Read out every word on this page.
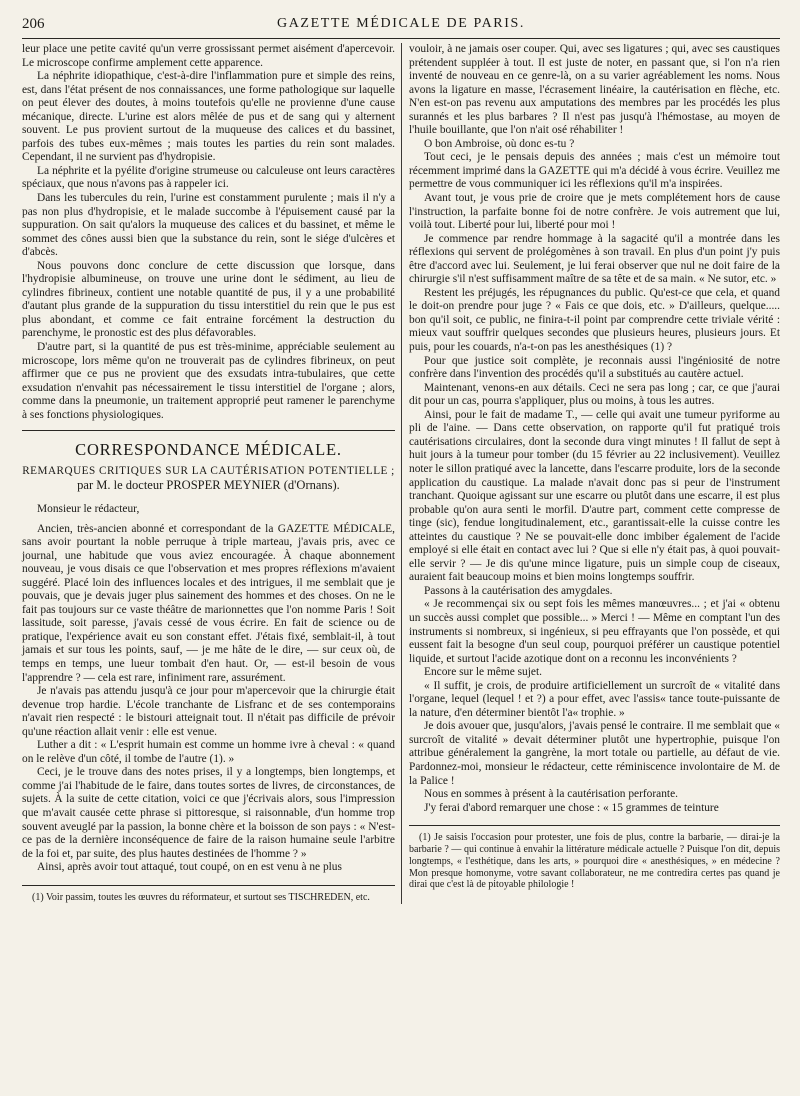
206	GAZETTE MÉDICALE DE PARIS.

leur place une petite cavité qu'un verre grossissant permet aisément d'apercevoir. Le microscope confirme amplement cette apparence.

La néphrite idiopathique, c'est-à-dire l'inflammation pure et simple des reins, est, dans l'état présent de nos connaissances, une forme pathologique sur laquelle on peut élever des doutes, à moins toutefois qu'elle ne provienne d'une cause mécanique, directe. L'urine est alors mêlée de pus et de sang qui y alternent souvent. Le pus provient surtout de la muqueuse des calices et du bassinet, parfois des tubes eux-mêmes ; mais toutes les parties du rein sont malades. Cependant, il ne survient pas d'hydropisie.

La néphrite et la pyélite d'origine strumeuse ou calculeuse ont leurs caractères spéciaux, que nous n'avons pas à rappeler ici.

Dans les tubercules du rein, l'urine est constamment purulente ; mais il n'y a pas non plus d'hydropisie, et le malade succombe à l'épuisement causé par la suppuration. On sait qu'alors la muqueuse des calices et du bassinet, et même le sommet des cônes aussi bien que la substance du rein, sont le siége d'ulcères et d'abcès.

Nous pouvons donc conclure de cette discussion que lorsque, dans l'hydropisie albumineuse, on trouve une urine dont le sédiment, au lieu de cylindres fibrineux, contient une notable quantité de pus, il y a une probabilité d'autant plus grande de la suppuration du tissu interstitiel du rein que le pus est plus abondant, et comme ce fait entraine forcément la destruction du parenchyme, le pronostic est des plus défavorables.

D'autre part, si la quantité de pus est très-minime, appréciable seulement au microscope, lors même qu'on ne trouverait pas de cylindres fibrineux, on peut affirmer que ce pus ne provient que des exsudats intra-tubulaires, que cette exsudation n'envahit pas nécessairement le tissu interstitiel de l'organe ; alors, comme dans la pneumonie, un traitement approprié peut ramener le parenchyme à ses fonctions physiologiques.

CORRESPONDANCE MÉDICALE.
REMARQUES CRITIQUES SUR LA CAUTÉRISATION POTENTIELLE ;
par M. le docteur PROSPER MEYNIER (d'Ornans).

Monsieur le rédacteur,

Ancien, très-ancien abonné et correspondant de la GAZETTE MÉDICALE, sans avoir pourtant la noble perruque à triple marteau, j'avais pris, avec ce journal, une habitude que vous aviez encouragée. À chaque abonnement nouveau, je vous disais ce que l'observation et mes propres réflexions m'avaient suggéré. Placé loin des influences locales et des intrigues, il me semblait que je pouvais, que je devais juger plus sainement des hommes et des choses. On ne le fait pas toujours sur ce vaste théâtre de marionnettes que l'on nomme Paris ! Soit lassitude, soit paresse, j'avais cessé de vous écrire. En fait de science ou de pratique, l'expérience avait eu son constant effet. J'étais fixé, semblait-il, à tout jamais et sur tous les points, sauf, — je me hâte de le dire, — sur ceux où, de temps en temps, une lueur tombait d'en haut. Or, — est-il besoin de vous l'apprendre ? — cela est rare, infiniment rare, assurément.

Je n'avais pas attendu jusqu'à ce jour pour m'apercevoir que la chirurgie était devenue trop hardie. L'école tranchante de Lisfranc et de ses contemporains n'avait rien respecté : le bistouri atteignait tout. Il n'était pas difficile de prévoir qu'une réaction allait venir : elle est venue.

Luther a dit : « L'esprit humain est comme un homme ivre à cheval : « quand on le relève d'un côté, il tombe de l'autre (1). »

Ceci, je le trouve dans des notes prises, il y a longtemps, bien longtemps, et comme j'ai l'habitude de le faire, dans toutes sortes de livres, de circonstances, de sujets. À la suite de cette citation, voici ce que j'écrivais alors, sous l'impression que m'avait causée cette phrase si pittoresque, si raisonnable, d'un homme trop souvent aveuglé par la passion, la bonne chère et la boisson de son pays : « N'est-ce pas de la dernière inconséquence de faire de la raison humaine seule l'arbitre de la foi et, par suite, des plus hautes destinées de l'homme ? »

Ainsi, après avoir tout attaqué, tout coupé, on en est venu à ne plus

(1) Voir passim, toutes les œuvres du réformateur, et surtout ses TISCHREDEN, etc.

vouloir, à ne jamais oser couper. Qui, avec ses ligatures ; qui, avec ses caustiques prétendent suppléer à tout. Il est juste de noter, en passant que, si l'on n'a rien inventé de nouveau en ce genre-là, on a su varier agréablement les noms. Nous avons la ligature en masse, l'écrasement linéaire, la cautérisation en flèche, etc. N'en est-on pas revenu aux amputations des membres par les procédés les plus surannés et les plus barbares ? Il n'est pas jusqu'à l'hémostase, au moyen de l'huile bouillante, que l'on n'ait osé réhabiliter !

O bon Ambroise, où donc es-tu ?

Tout ceci, je le pensais depuis des années ; mais c'est un mémoire tout récemment imprimé dans la GAZETTE qui m'a décidé à vous écrire. Veuillez me permettre de vous communiquer ici les réflexions qu'il m'a inspirées.

Avant tout, je vous prie de croire que je mets complétement hors de cause l'instruction, la parfaite bonne foi de notre confrère. Je vois autrement que lui, voilà tout. Liberté pour lui, liberté pour moi !

Je commence par rendre hommage à la sagacité qu'il a montrée dans les réflexions qui servent de prolégomènes à son travail. En plus d'un point j'y puis être d'accord avec lui. Seulement, je lui ferai observer que nul ne doit faire de la chirurgie s'il n'est suffisamment maître de sa tête et de sa main. « Ne sutor, etc. »

Restent les préjugés, les répugnances du public. Qu'est-ce que cela, et quand le doit-on prendre pour juge ? « Fais ce que dois, etc. » D'ailleurs, quelque..... bon qu'il soit, ce public, ne finira-t-il point par comprendre cette triviale vérité : mieux vaut souffrir quelques secondes que plusieurs heures, plusieurs jours. Et puis, pour les couards, n'a-t-on pas les anesthésiques (1) ?

Pour que justice soit complète, je reconnais aussi l'ingéniosité de notre confrère dans l'invention des procédés qu'il a substitués au cautère actuel.

Maintenant, venons-en aux détails. Ceci ne sera pas long ; car, ce que j'aurai dit pour un cas, pourra s'appliquer, plus ou moins, à tous les autres.

Ainsi, pour le fait de madame T., — celle qui avait une tumeur pyriforme au pli de l'aine. — Dans cette observation, on rapporte qu'il fut pratiqué trois cautérisations circulaires, dont la seconde dura vingt minutes ! Il fallut de sept à huit jours à la tumeur pour tomber (du 15 février au 22 inclusivement). Veuillez noter le sillon pratiqué avec la lancette, dans l'escarre produite, lors de la seconde application du caustique. La malade n'avait donc pas si peur de l'instrument tranchant. Quoique agissant sur une escarre ou plutôt dans une escarre, il est plus probable qu'on aura senti le morfil. D'autre part, comment cette compresse de tinge (sic), fendue longitudinalement, etc., garantissait-elle la cuisse contre les atteintes du caustique ? Ne se pouvait-elle donc imbiber également de l'acide employé si elle était en contact avec lui ? Que si elle n'y était pas, à quoi pouvait-elle servir ? — Je dis qu'une mince ligature, puis un simple coup de ciseaux, auraient fait beaucoup moins et bien moins longtemps souffrir.

Passons à la cautérisation des amygdales.

« Je recommençai six ou sept fois les mêmes manœuvres... ; et j'ai « obtenu un succès aussi complet que possible... » Merci ! — Même en comptant l'un des instruments si nombreux, si ingénieux, si peu effrayants que l'on possède, et qui eussent fait la besogne d'un seul coup, pourquoi préférer un caustique potentiel liquide, et surtout l'acide azotique dont on a reconnu les inconvénients ?

Encore sur le même sujet.

« Il suffit, je crois, de produire artificiellement un surcroît de « vitalité dans l'organe, lequel (lequel ! et ?) a pour effet, avec l'assis« tance toute-puissante de la nature, d'en déterminer bientôt l'a« trophie. »

Je dois avouer que, jusqu'alors, j'avais pensé le contraire. Il me semblait que « surcroît de vitalité » devait déterminer plutôt une hypertrophie, puisque l'on attribue généralement la gangrène, la mort totale ou partielle, au défaut de vie. Pardonnez-moi, monsieur le rédacteur, cette réminiscence involontaire de M. de la Palice !

Nous en sommes à présent à la cautérisation perforante.

J'y ferai d'abord remarquer une chose : « 15 grammes de teinture

(1) Je saisis l'occasion pour protester, une fois de plus, contre la barbarie, — dirai-je la barbarie ? — qui continue à envahir la littérature médicale actuelle ? Puisque l'on dit, depuis longtemps, « l'esthétique, dans les arts, » pourquoi dire « anesthésiques, » en médecine ? Mon presque homonyme, votre savant collaborateur, ne me contredira certes pas quand je dirai que c'est là de pitoyable philologie !
